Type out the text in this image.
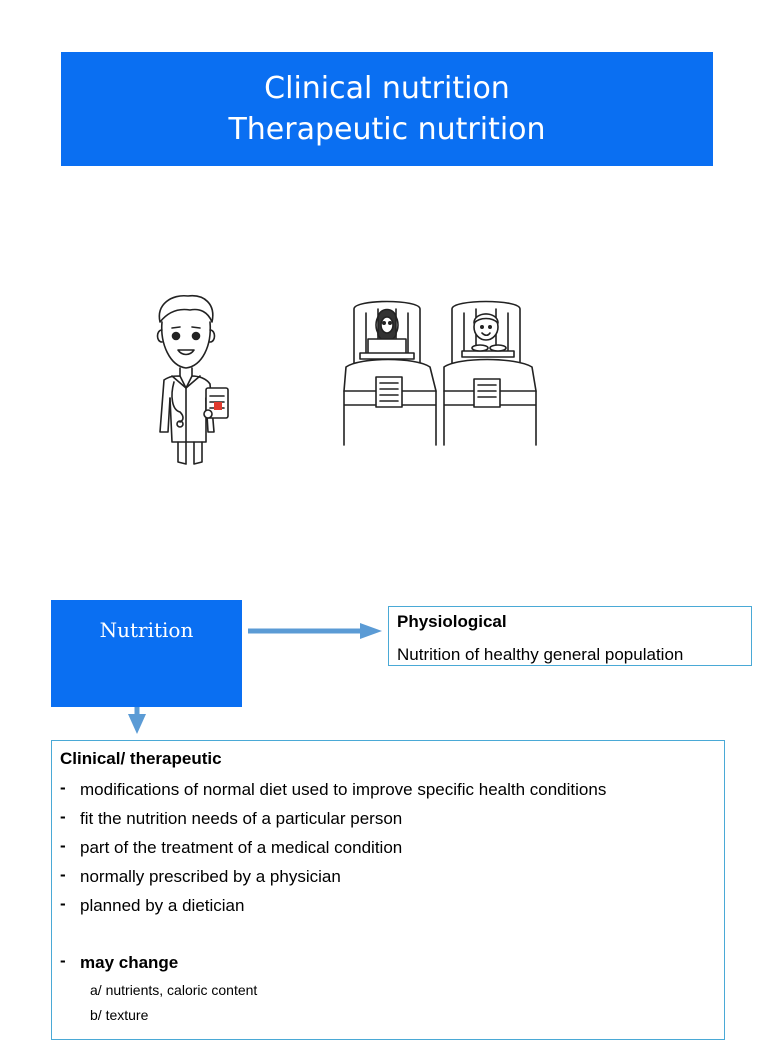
Clinical nutrition
Therapeutic nutrition
Nutrition	Physiological
Nutrition of healthy general population
Clinical/ therapeutic
- modifications of normal diet used to improve specific health conditions
- fit the nutrition needs of a particular person
- part of the treatment of a medical condition
- normally prescribed by a physician
- planned by a dietician
- may change
a/ nutrients, caloric content
b/ texture
